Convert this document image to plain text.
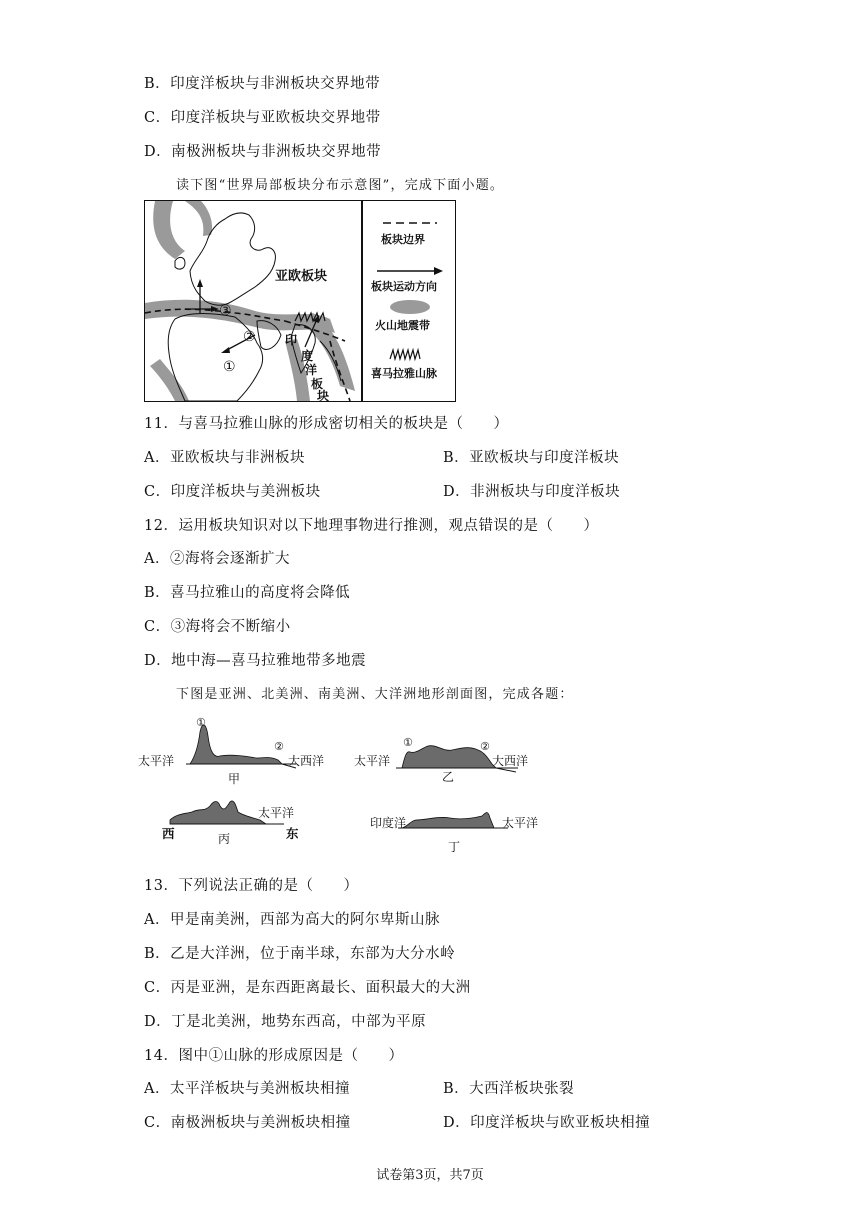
B．印度洋板块与非洲板块交界地带
C．印度洋板块与亚欧板块交界地带
D．南极洲板块与非洲板块交界地带
读下图“世界局部板块分布示意图”，完成下面小题。
亚欧板块
印
度
洋
板
块
①
②
③
板块边界
板块运动方向
火山地震带
喜马拉雅山脉
11．与喜马拉雅山脉的形成密切相关的板块是（　　）
A．亚欧板块与非洲板块	B．亚欧板块与印度洋板块
C．印度洋板块与美洲板块	D．非洲板块与印度洋板块
12．运用板块知识对以下地理事物进行推测，观点错误的是（　　）
A．②海将会逐渐扩大
B．喜马拉雅山的高度将会降低
C．③海将会不断缩小
D．地中海—喜马拉雅地带多地震
下图是亚洲、北美洲、南美洲、大洋洲地形剖面图，完成各题：
太平洋	大西洋
①
②
甲
太平洋	大西洋
①	②
乙
西	东
太平洋
丙
印度洋	太平洋
丁
13．下列说法正确的是（　　）
A．甲是南美洲，西部为高大的阿尔卑斯山脉
B．乙是大洋洲，位于南半球，东部为大分水岭
C．丙是亚洲，是东西距离最长、面积最大的大洲
D．丁是北美洲，地势东西高，中部为平原
14．图中①山脉的形成原因是（　　）
A．太平洋板块与美洲板块相撞	B．大西洋板块张裂
C．南极洲板块与美洲板块相撞	D．印度洋板块与欧亚板块相撞
试卷第3页，共7页
